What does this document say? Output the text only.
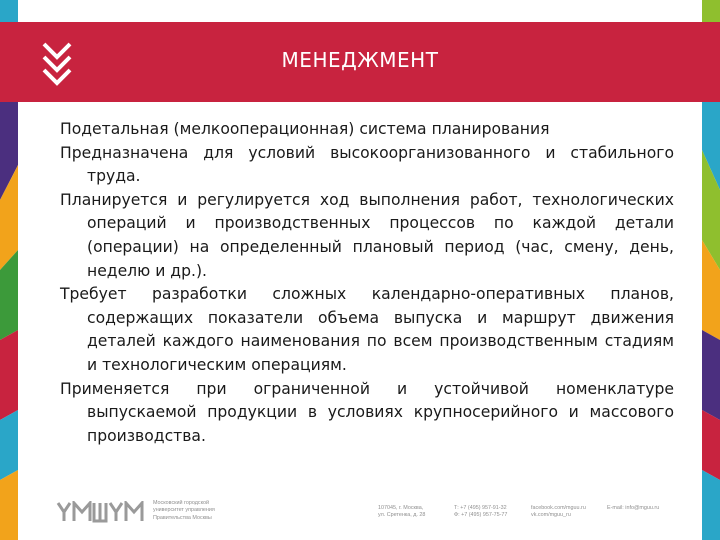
МЕНЕДЖМЕНТ

Подетальная (мелкооперационная) система планирования

Предназначена для условий высокоорганизованного и стабильного труда.

Планируется и регулируется ход выполнения работ, технологических операций и производственных процессов по каждой детали (операции) на определенный плановый период (час, смену, день, неделю и др.).

Требует разработки сложных календарно-оперативных планов, содержащих показатели объема выпуска и маршрут движения деталей каждого наименования по всем производственным стадиям и технологическим операциям.

Применяется при ограниченной и устойчивой номенклатуре выпускаемой продукции в условиях крупносерийного и массового производства.

Московский городской
университет управления
Правительства Москвы
107045, г. Москва,
ул. Сретенка, д. 28
Т: +7 (495) 957-91-32
Ф: +7 (495) 957-75-77
facebook.com/mguu.ru
vk.com/mguu_ru
E-mail: info@mguu.ru
